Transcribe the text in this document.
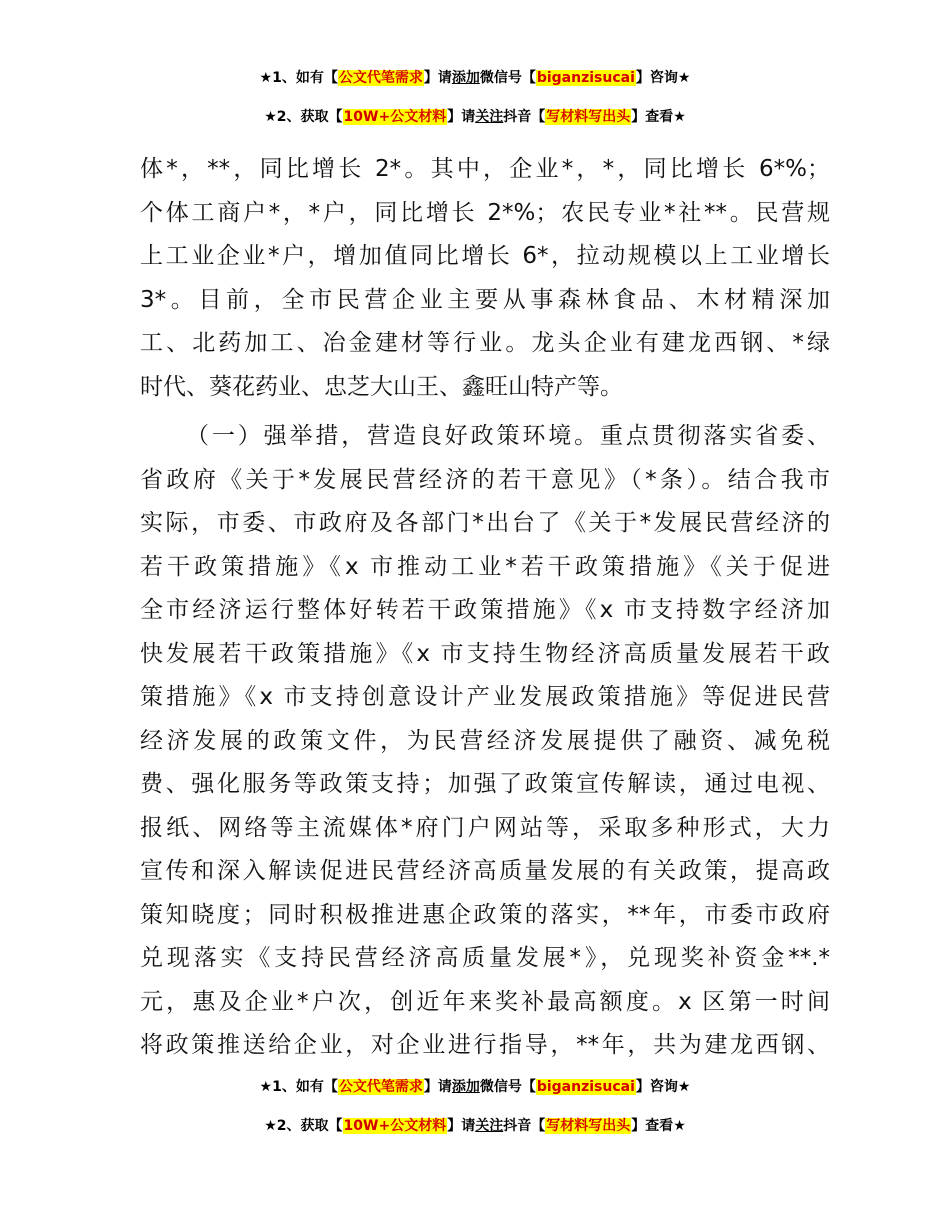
★1、如有【公文代笔需求】请添加微信号【biganzisucai】咨询★
★2、获取【10W+公文材料】请关注抖音【写材料写出头】查看★
体*，**，同比增长 2*。其中，企业*，*，同比增长 6*%；
个体工商户*，*户，同比增长 2*%；农民专业*社**。民营规
上工业企业*户，增加值同比增长 6*，拉动规模以上工业增长
3*。目前，全市民营企业主要从事森林食品、木材精深加
工、北药加工、冶金建材等行业。龙头企业有建龙西钢、*绿
时代、葵花药业、忠芝大山王、鑫旺山特产等。
（一）强举措，营造良好政策环境。重点贯彻落实省委、
省政府《关于*发展民营经济的若干意见》（*条）。结合我市
实际，市委、市政府及各部门*出台了《关于*发展民营经济的
若干政策措施》《x 市推动工业*若干政策措施》《关于促进
全市经济运行整体好转若干政策措施》《x 市支持数字经济加
快发展若干政策措施》《x 市支持生物经济高质量发展若干政
策措施》《x 市支持创意设计产业发展政策措施》等促进民营
经济发展的政策文件，为民营经济发展提供了融资、减免税
费、强化服务等政策支持；加强了政策宣传解读，通过电视、
报纸、网络等主流媒体*府门户网站等，采取多种形式，大力
宣传和深入解读促进民营经济高质量发展的有关政策，提高政
策知晓度；同时积极推进惠企政策的落实，**年，市委市政府
兑现落实《支持民营经济高质量发展*》，兑现奖补资金**.*
元，惠及企业*户次，创近年来奖补最高额度。x 区第一时间
将政策推送给企业，对企业进行指导，**年，共为建龙西钢、
★1、如有【公文代笔需求】请添加微信号【biganzisucai】咨询★
★2、获取【10W+公文材料】请关注抖音【写材料写出头】查看★
